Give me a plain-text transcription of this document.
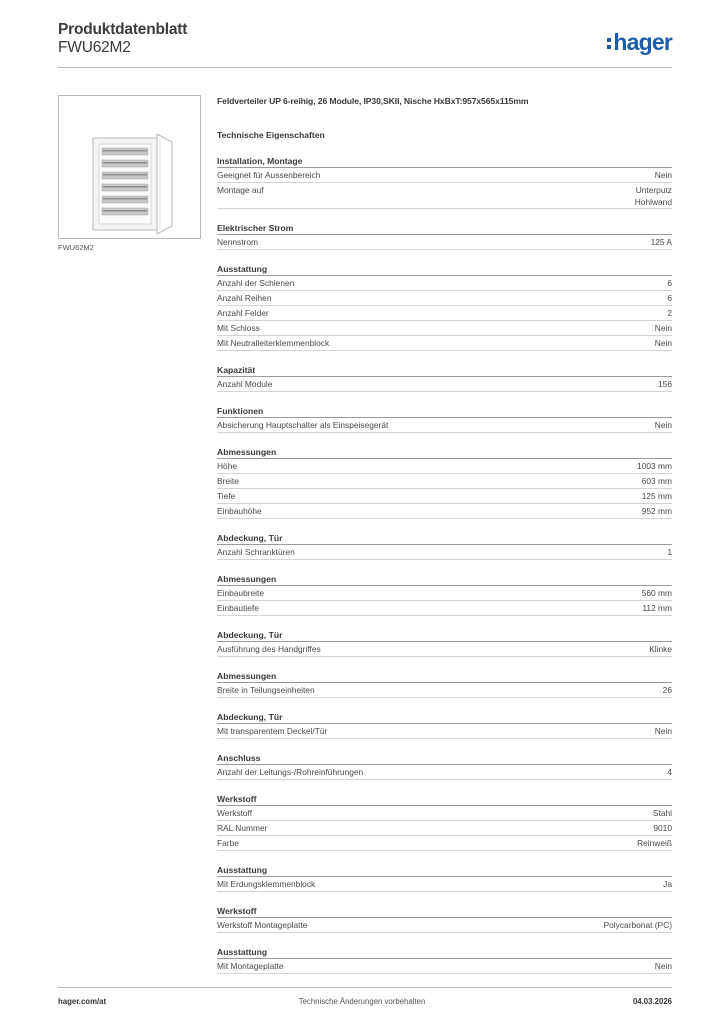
Produktdatenblatt
FWU62M2	hager
FWU62M2
Feldverteiler UP 6-reihig, 26 Module, IP30,SKII, Nische HxBxT:957x565x115mm
Technische Eigenschaften
Installation, Montage
Geeignet für Aussenbereich	Nein
Montage auf	Unterputz
Hohlwand
Elektrischer Strom
Nennstrom	125 A
Ausstattung
Anzahl der Schienen	6
Anzahl Reihen	6
Anzahl Felder	2
Mit Schloss	Nein
Mit Neutralleiterklemmenblock	Nein
Kapazität
Anzahl Module	156
Funktionen
Absicherung Hauptschalter als Einspeisegerät	Nein
Abmessungen
Höhe	1003 mm
Breite	603 mm
Tiefe	125 mm
Einbauhöhe	952 mm
Abdeckung, Tür
Anzahl Schranktüren	1
Abmessungen
Einbaubreite	560 mm
Einbautiefe	112 mm
Abdeckung, Tür
Ausführung des Handgriffes	Klinke
Abmessungen
Breite in Teilungseinheiten	26
Abdeckung, Tür
Mit transparentem Deckel/Tür	Nein
Anschluss
Anzahl der Leitungs-/Rohreinführungen	4
Werkstoff
Werkstoff	Stahl
RAL Nummer	9010
Farbe	Reinweiß
Ausstattung
Mit Erdungsklemmenblock	Ja
Werkstoff
Werkstoff Montageplatte	Polycarbonat (PC)
Ausstattung
Mit Montageplatte	Nein
hager.com/at	Technische Änderungen vorbehalten	04.03.2026
